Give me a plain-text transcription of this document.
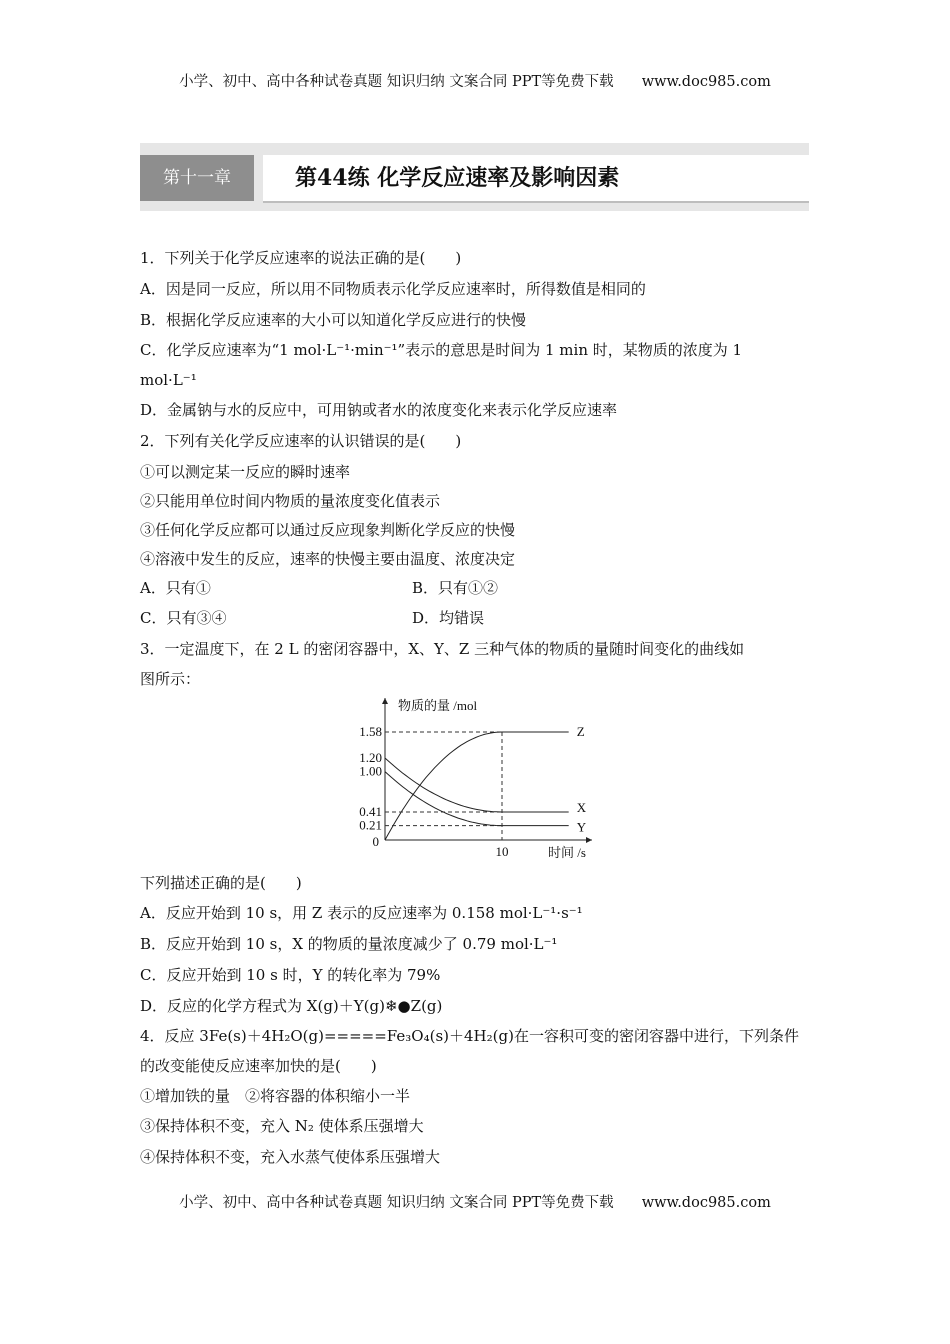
小学、初中、高中各种试卷真题 知识归纳 文案合同 PPT等免费下载 www.doc985.com
第十一章	第44练 化学反应速率及影响因素
1．下列关于化学反应速率的说法正确的是(　　)
A．因是同一反应，所以用不同物质表示化学反应速率时，所得数值是相同的
B．根据化学反应速率的大小可以知道化学反应进行的快慢
C．化学反应速率为“1 mol·L⁻¹·min⁻¹”表示的意思是时间为 1 min 时，某物质的浓度为 1
mol·L⁻¹
D．金属钠与水的反应中，可用钠或者水的浓度变化来表示化学反应速率
2．下列有关化学反应速率的认识错误的是(　　)
①可以测定某一反应的瞬时速率
②只能用单位时间内物质的量浓度变化值表示
③任何化学反应都可以通过反应现象判断化学反应的快慢
④溶液中发生的反应，速率的快慢主要由温度、浓度决定
A．只有①	B．只有①②
C．只有③④	D．均错误
3．一定温度下，在 2 L 的密闭容器中，X、Y、Z 三种气体的物质的量随时间变化的曲线如
图所示：
0.21
0.41
1.00
1.20
1.58
0
10
Z
X
Y
物质的量 /mol
时间 /s
下列描述正确的是(　　)
A．反应开始到 10 s，用 Z 表示的反应速率为 0.158 mol·L⁻¹·s⁻¹
B．反应开始到 10 s，X 的物质的量浓度减少了 0.79 mol·L⁻¹
C．反应开始到 10 s 时，Y 的转化率为 79%
D．反应的化学方程式为 X(g)＋Y(g)❄●Z(g)
4．反应 3Fe(s)＋4H₂O(g)=====Fe₃O₄(s)＋4H₂(g)在一容积可变的密闭容器中进行，下列条件
的改变能使反应速率加快的是(　　)
①增加铁的量　②将容器的体积缩小一半
③保持体积不变，充入 N₂ 使体系压强增大
④保持体积不变，充入水蒸气使体系压强增大
小学、初中、高中各种试卷真题 知识归纳 文案合同 PPT等免费下载 www.doc985.com
